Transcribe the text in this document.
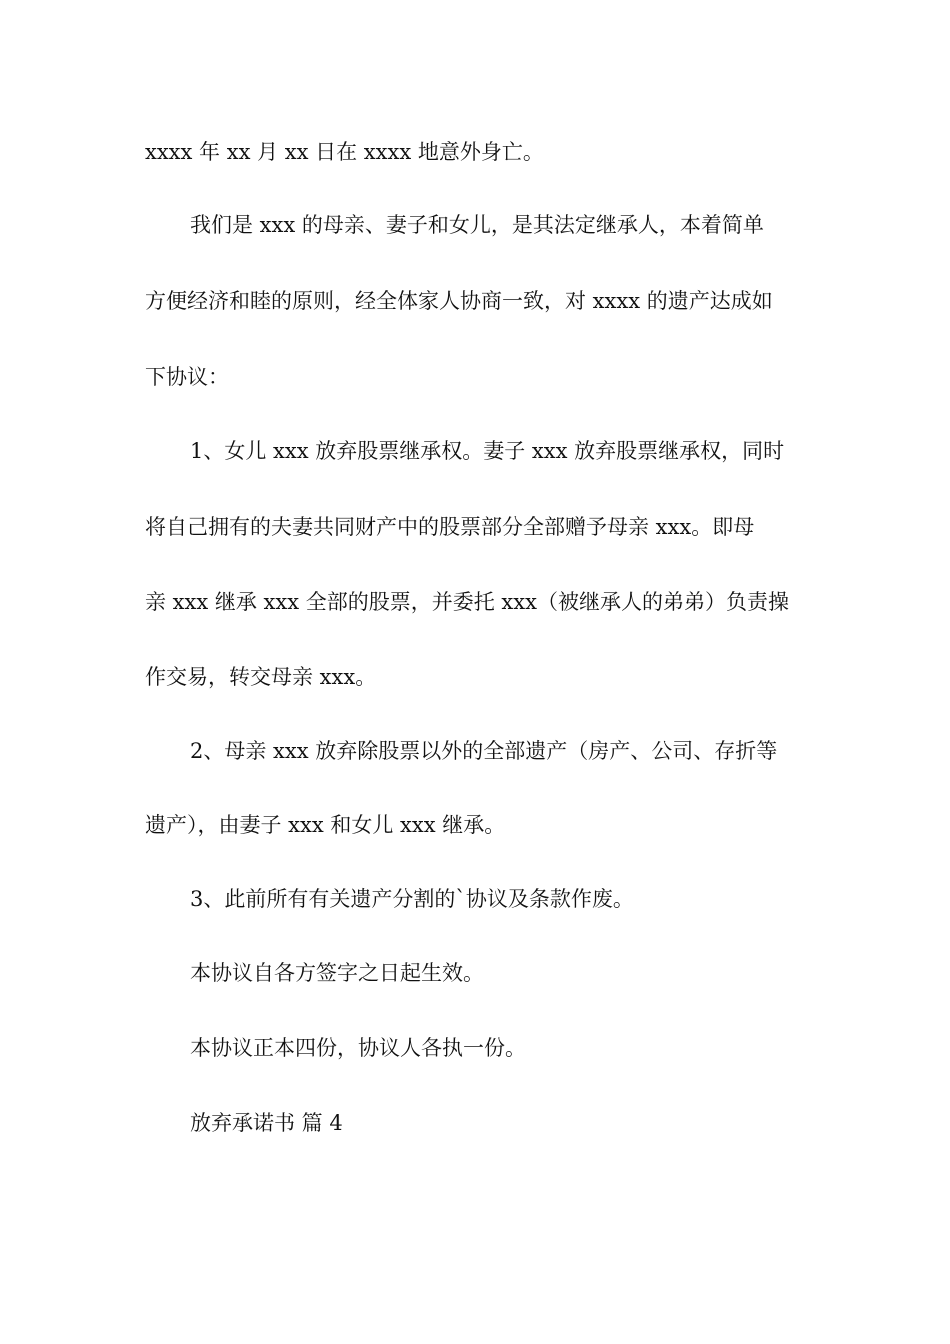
xxxx 年 xx 月 xx 日在 xxxx 地意外身亡。
我们是 xxx 的母亲、妻子和女儿，是其法定继承人，本着简单
方便经济和睦的原则，经全体家人协商一致，对 xxxx 的遗产达成如
下协议：
1、女儿 xxx 放弃股票继承权。妻子 xxx 放弃股票继承权，同时
将自己拥有的夫妻共同财产中的股票部分全部赠予母亲 xxx。即母
亲 xxx 继承 xxx 全部的股票，并委托 xxx（被继承人的弟弟）负责操
作交易，转交母亲 xxx。
2、母亲 xxx 放弃除股票以外的全部遗产（房产、公司、存折等
遗产），由妻子 xxx 和女儿 xxx 继承。
3、此前所有有关遗产分割的`协议及条款作废。
本协议自各方签字之日起生效。
本协议正本四份，协议人各执一份。
放弃承诺书 篇 4
